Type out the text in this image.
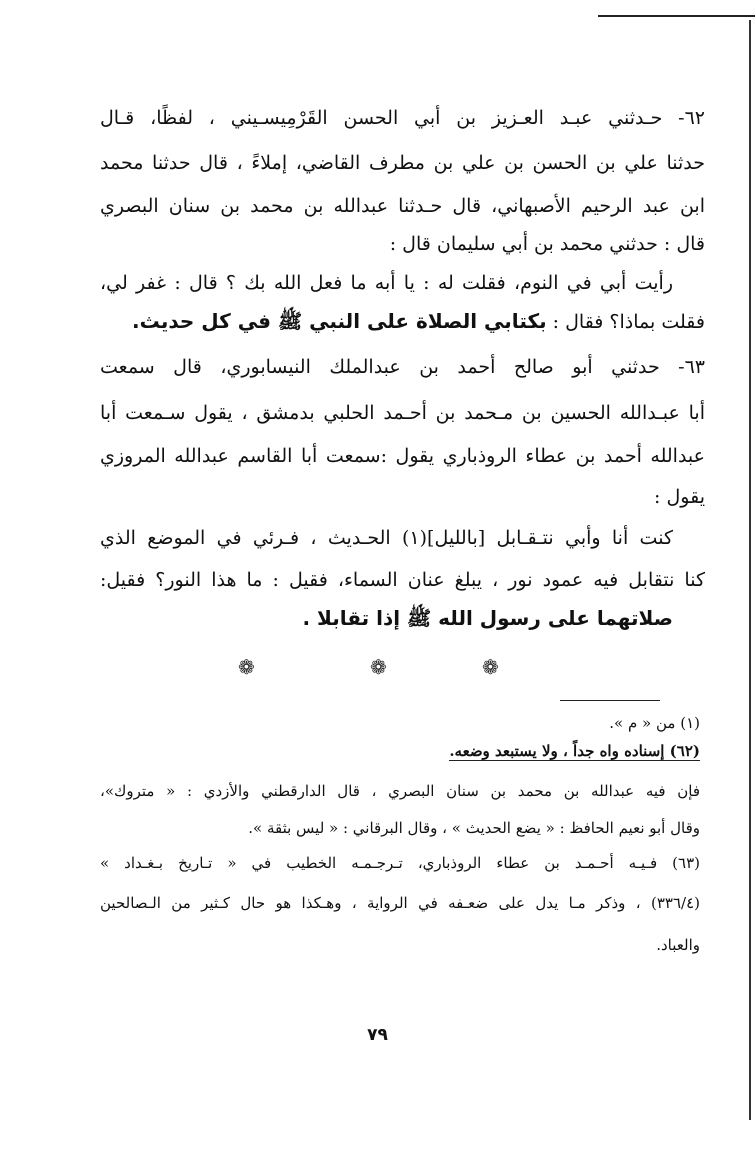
٦٢- حـدثني عبـد العـزيز بن أبي الحسن القَرْمِيسـيني ، لفظًا، قـال
حدثنا علي بن الحسن بن علي بن مطرف القاضي، إملاءً ، قال حدثنا محمد
ابن عبد الرحيم الأصبهاني، قال حـدثنا عبدالله بن محمد بن سنان البصري
قال : حدثني محمد بن أبي سليمان قال :
رأيت أبي في النوم، فقلت له : يا أبه ما فعل الله بك ؟ قال : غفر لي،
فقلت بماذا؟ فقال : بكتابي الصلاة على النبي ﷺ في كل حديث.
٦٣- حدثني أبو صالح أحمد بن عبدالملك النيسابوري، قال سمعت
أبا عبـدالله الحسين بن مـحمد بن أحـمد الحلبي بدمشق ، يقول سـمعت أبا
عبدالله أحمد بن عطاء الروذباري يقول :سمعت أبا القاسم عبدالله المروزي
يقول :
كنت أنا وأبي نتـقـابل [بالليل](١) الحـديث ، فـرئي في الموضع الذي
كنا نتقابل فيه عمود نور ، يبلغ عنان السماء، فقيل : ما هذا النور؟ فقيل:
صلاتهما على رسول الله ﷺ إذا تقابلا .
❁	❁	❁
(١) من « م ».
(٦٢) إسناده واه جداً ، ولا يستبعد وضعه.
فإن فيه عبدالله بن محمد بن سنان البصري ، قال الدارقطني والأزدي : « متروك»،
وقال أبو نعيم الحافظ : « يضع الحديث » ، وقال البرقاني : « ليس بثقة ».
(٦٣) فـيـه أحـمـد بن عطاء الروذباري، تـرجـمـه الخطيب في « تـاريخ بـغـداد »
(٣٣٦/٤) ، وذكر مـا يدل على ضعـفه في الرواية ، وهـكذا هو حال كـثير من الـصالحين
والعباد.
٧٩
